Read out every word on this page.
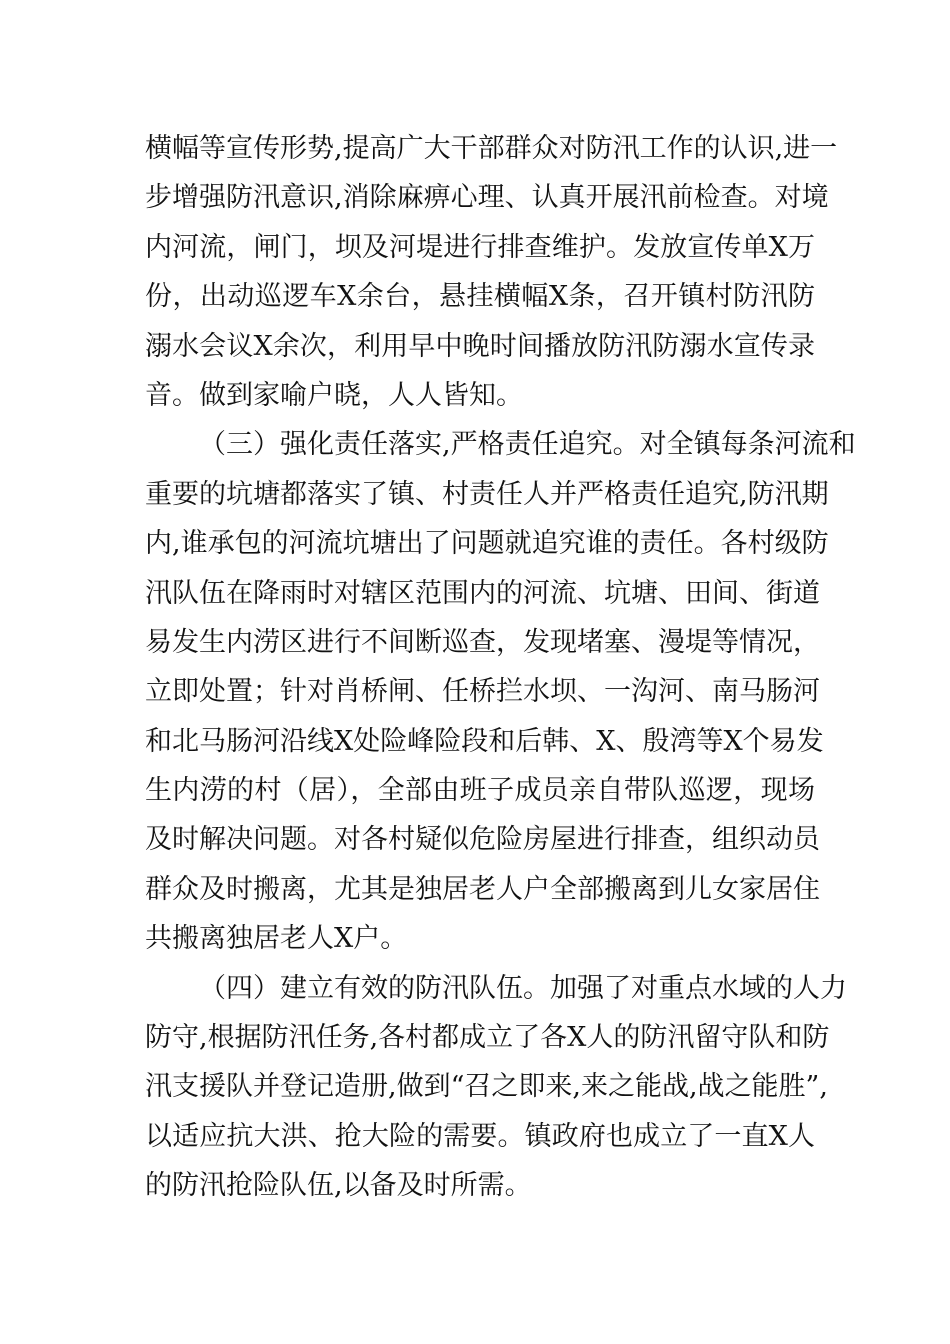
横幅等宣传形势,提高广大干部群众对防汛工作的认识,进一
步增强防汛意识,消除麻痹心理、认真开展汛前检查。对境
内河流，闸门，坝及河堤进行排查维护。发放宣传单X万
份，出动巡逻车X余台，悬挂横幅X条，召开镇村防汛防
溺水会议X余次，利用早中晚时间播放防汛防溺水宣传录
音。做到家喻户晓，人人皆知。
（三）强化责任落实,严格责任追究。对全镇每条河流和
重要的坑塘都落实了镇、村责任人并严格责任追究,防汛期
内,谁承包的河流坑塘出了问题就追究谁的责任。各村级防
汛队伍在降雨时对辖区范围内的河流、坑塘、田间、街道
易发生内涝区进行不间断巡查，发现堵塞、漫堤等情况，
立即处置；针对肖桥闸、任桥拦水坝、一沟河、南马肠河
和北马肠河沿线X处险峰险段和后韩、X、殷湾等X个易发
生内涝的村（居），全部由班子成员亲自带队巡逻，现场
及时解决问题。对各村疑似危险房屋进行排查，组织动员
群众及时搬离，尤其是独居老人户全部搬离到儿女家居住
共搬离独居老人X户。
（四）建立有效的防汛队伍。加强了对重点水域的人力
防守,根据防汛任务,各村都成立了各X人的防汛留守队和防
汛支援队并登记造册,做到“召之即来,来之能战,战之能胜”,
以适应抗大洪、抢大险的需要。镇政府也成立了一直X人
的防汛抢险队伍,以备及时所需。
